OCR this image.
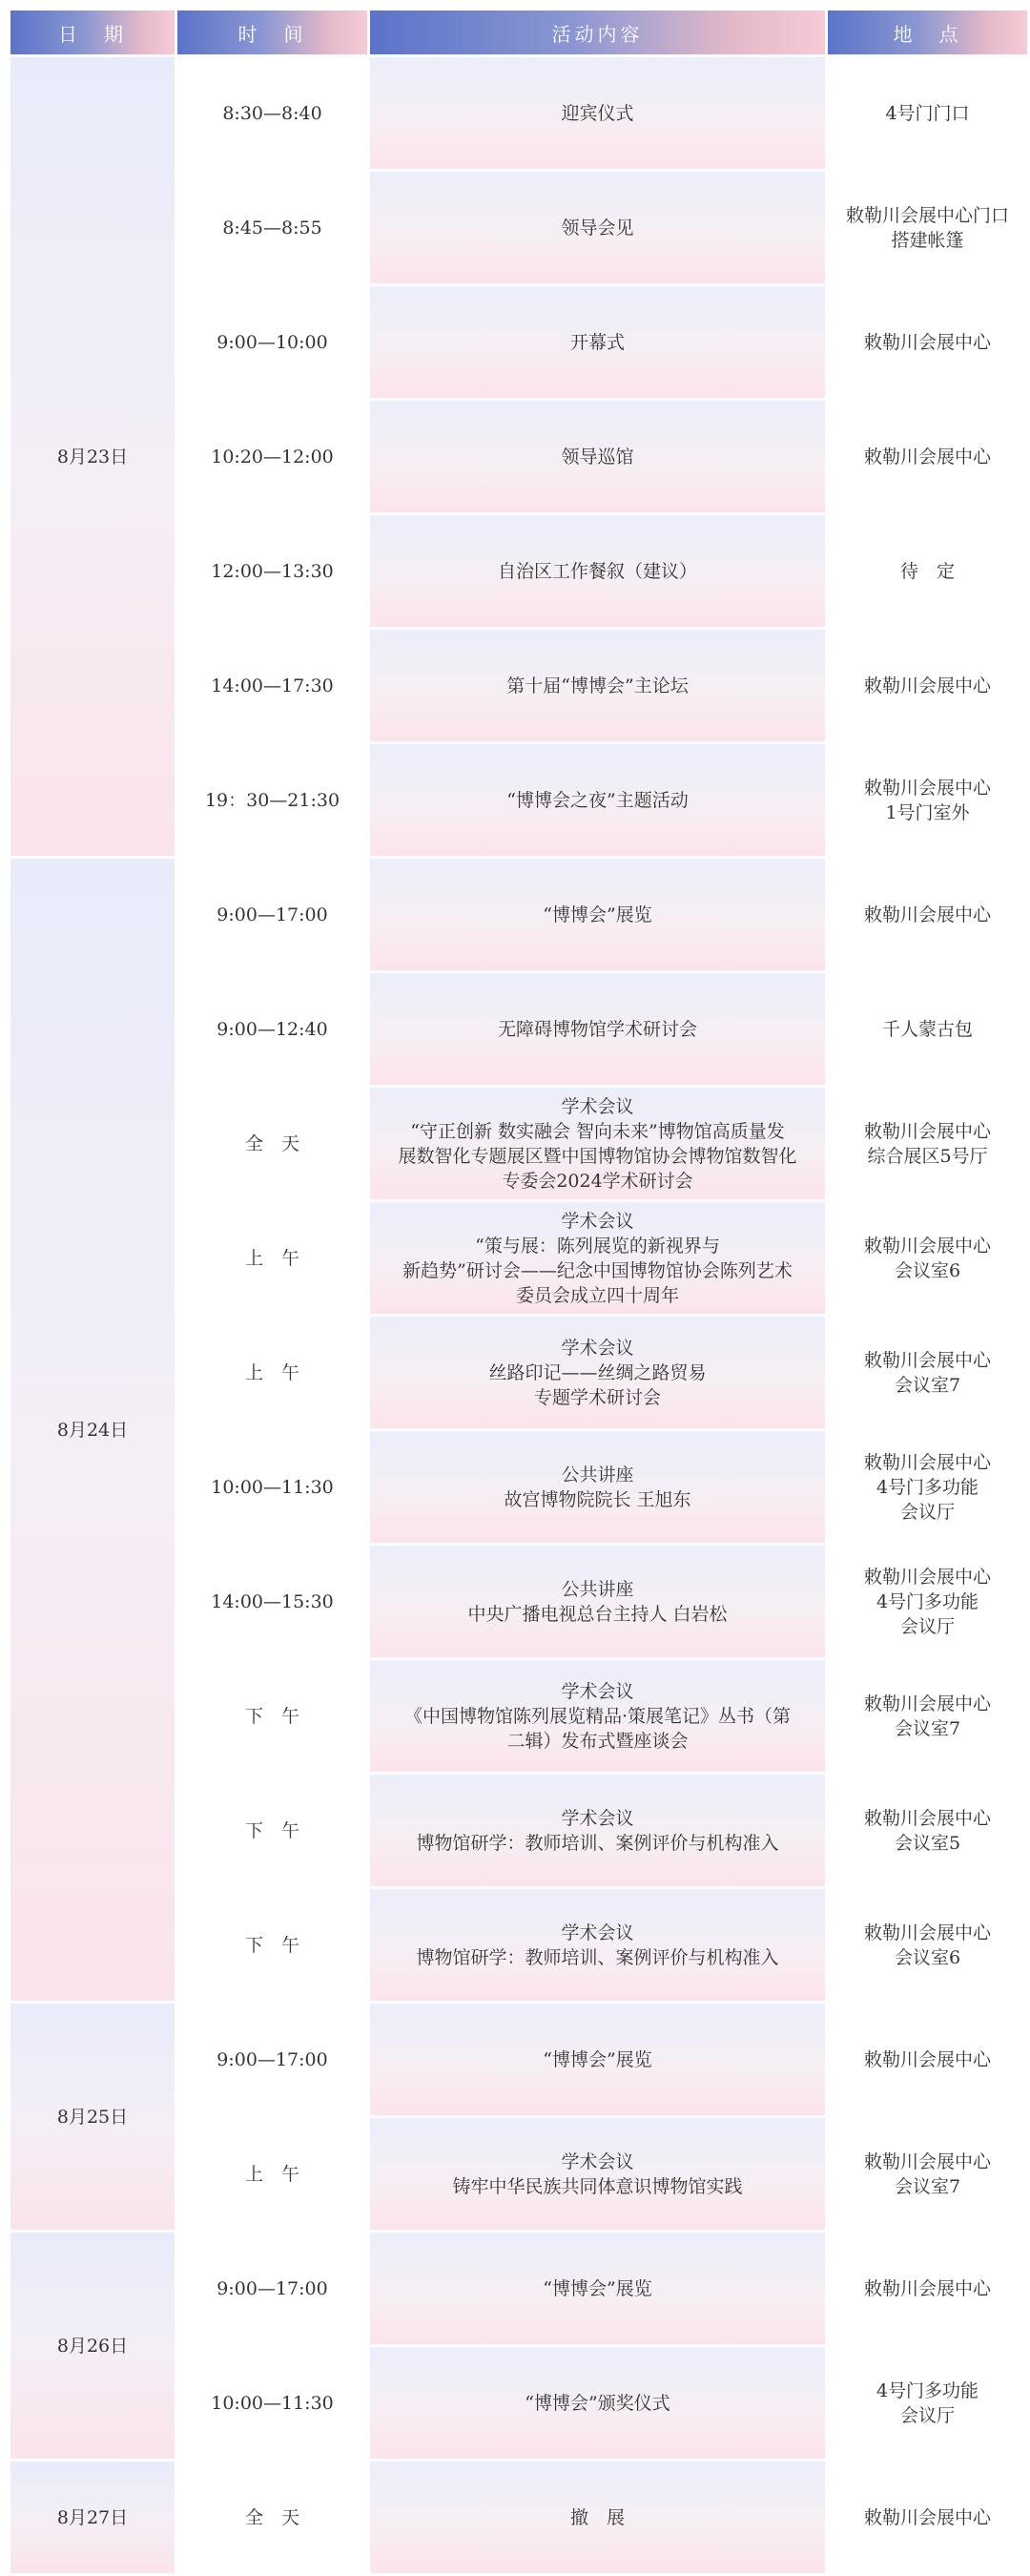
日　期	时　间	活动内容	地　点
8月23日	8:30—8:40	迎宾仪式	4号门门口

	8:45—8:55	领导会见	敕勒川会展中心门口
搭建帐篷

	9:00—10:00	开幕式	敕勒川会展中心

	10:20—12:00	领导巡馆	敕勒川会展中心

	12:00—13:30	自治区工作餐叙（建议）	待　定

	14:00—17:30	第十届“博博会”主论坛	敕勒川会展中心

	19：30—21:30	“博博会之夜”主题活动	敕勒川会展中心
1号门室外

8月24日	9:00—17:00	“博博会”展览	敕勒川会展中心

	9:00—12:40	无障碍博物馆学术研讨会	千人蒙古包

	全　天	学术会议
“守正创新 数实融会 智向未来”博物馆高质量发
展数智化专题展区暨中国博物馆协会博物馆数智化
专委会2024学术研讨会	敕勒川会展中心
综合展区5号厅

	上　午	学术会议
“策与展：陈列展览的新视界与
新趋势”研讨会——纪念中国博物馆协会陈列艺术
委员会成立四十周年	敕勒川会展中心
会议室6

	上　午	学术会议
丝路印记——丝绸之路贸易
专题学术研讨会	敕勒川会展中心
会议室7

	10:00—11:30	公共讲座
故宫博物院院长 王旭东	敕勒川会展中心
4号门多功能
会议厅

	14:00—15:30	公共讲座
中央广播电视总台主持人 白岩松	敕勒川会展中心
4号门多功能
会议厅

	下　午	学术会议
《中国博物馆陈列展览精品·策展笔记》丛书（第
二辑）发布式暨座谈会	敕勒川会展中心
会议室7

	下　午	学术会议
博物馆研学：教师培训、案例评价与机构准入	敕勒川会展中心
会议室5

	下　午	学术会议
博物馆研学：教师培训、案例评价与机构准入	敕勒川会展中心
会议室6

8月25日	9:00—17:00	“博博会”展览	敕勒川会展中心

	上　午	学术会议
铸牢中华民族共同体意识博物馆实践	敕勒川会展中心
会议室7

8月26日	9:00—17:00	“博博会”展览	敕勒川会展中心

	10:00—11:30	“博博会”颁奖仪式	4号门多功能
会议厅

8月27日	全　天	撤　展	敕勒川会展中心
